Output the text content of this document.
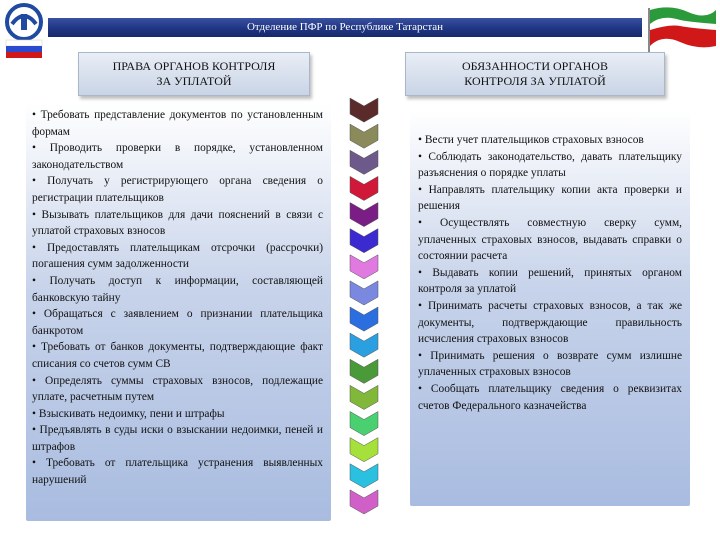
Отделение ПФР по Республике Татарстан
ПРАВА ОРГАНОВ КОНТРОЛЯ
ЗА УПЛАТОЙ
ОБЯЗАННОСТИ ОРГАНОВ
КОНТРОЛЯ ЗА УПЛАТОЙ

• Требовать представление документов по установленным формам

• Проводить проверки в порядке, установленном законодательством

• Получать у регистрирующего органа сведения о регистрации плательщиков

• Вызывать плательщиков для дачи пояснений в связи с уплатой страховых взносов

• Предоставлять плательщикам отсрочки (рассрочки) погашения сумм задолженности

• Получать доступ к информации, составляющей банковскую тайну

• Обращаться с заявлением о признании плательщика банкротом

• Требовать от банков документы, подтверждающие факт списания со счетов сумм СВ

• Определять суммы страховых взносов, подлежащие уплате, расчетным путем

• Взыскивать недоимку, пени и штрафы

• Предъявлять в суды иски о взыскании недоимки, пеней и штрафов

• Требовать от плательщика устранения выявленных нарушений

• Вести учет плательщиков страховых взносов

• Соблюдать законодательство, давать плательщику разъяснения о порядке уплаты

• Направлять плательщику копии акта проверки и решения

• Осуществлять совместную сверку сумм, уплаченных страховых взносов, выдавать справки о состоянии расчета

• Выдавать копии решений, принятых органом контроля за уплатой

• Принимать расчеты страховых взносов, а так же документы, подтверждающие правильность исчисления страховых взносов

• Принимать решения о возврате сумм излишне уплаченных страховых взносов

• Сообщать плательщику сведения о реквизитах счетов Федерального казначейства
